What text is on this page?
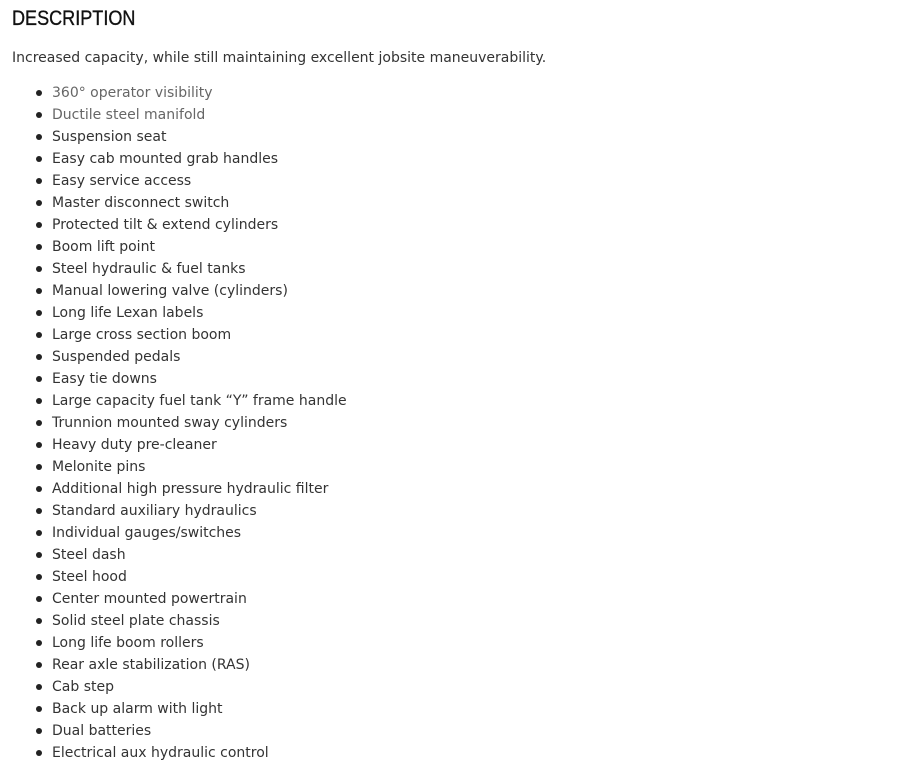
DESCRIPTION

Increased capacity, while still maintaining excellent jobsite maneuverability.

360° operator visibility
Ductile steel manifold
Suspension seat
Easy cab mounted grab handles
Easy service access
Master disconnect switch
Protected tilt & extend cylinders
Boom lift point
Steel hydraulic & fuel tanks
Manual lowering valve (cylinders)
Long life Lexan labels
Large cross section boom
Suspended pedals
Easy tie downs
Large capacity fuel tank “Y” frame handle
Trunnion mounted sway cylinders
Heavy duty pre-cleaner
Melonite pins
Additional high pressure hydraulic filter
Standard auxiliary hydraulics
Individual gauges/switches
Steel dash
Steel hood
Center mounted powertrain
Solid steel plate chassis
Long life boom rollers
Rear axle stabilization (RAS)
Cab step
Back up alarm with light
Dual batteries
Electrical aux hydraulic control
